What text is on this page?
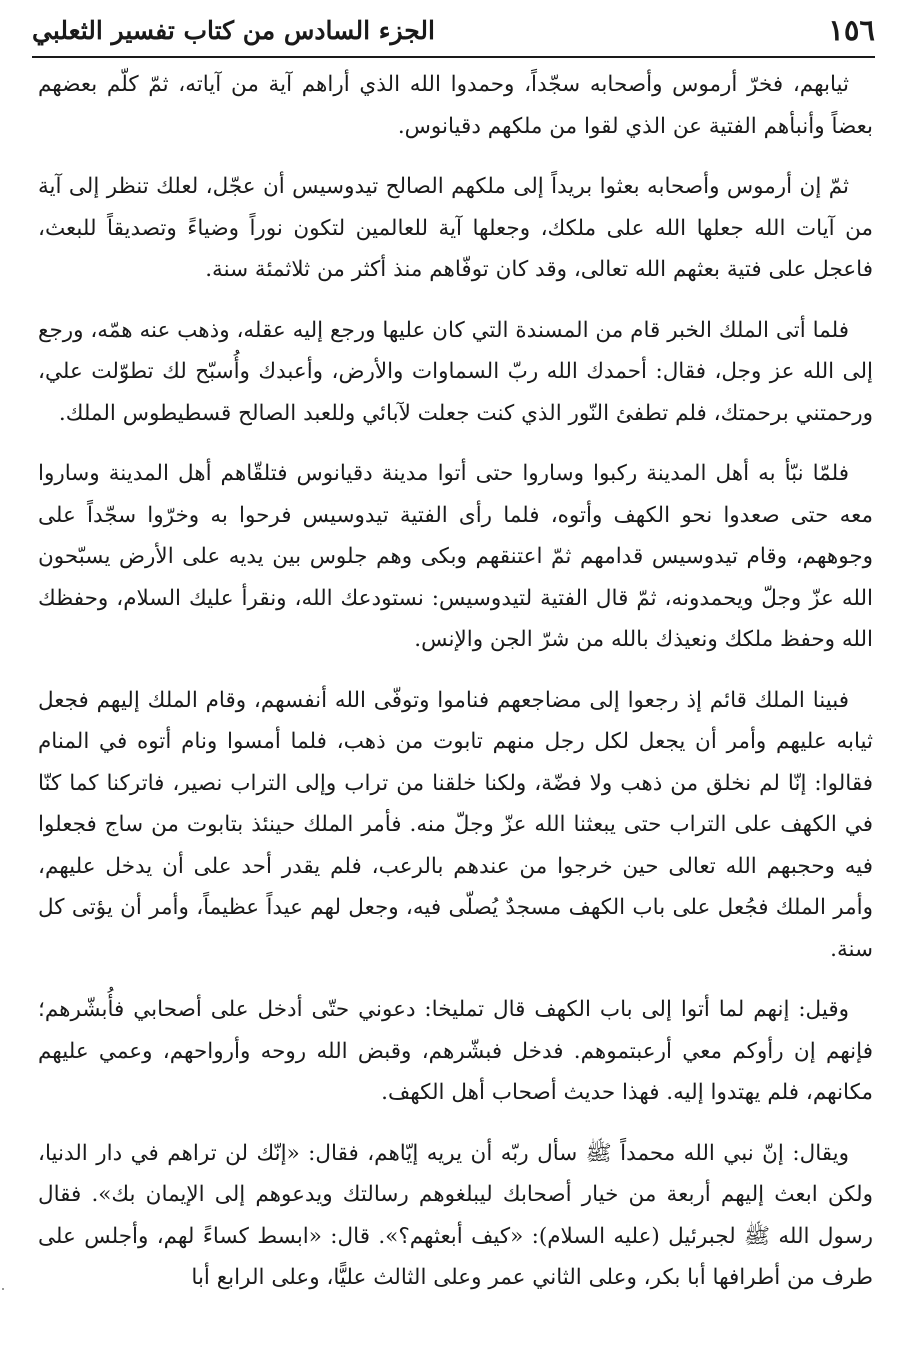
١٥٦
الجزء السادس من كتاب تفسير الثعلبي

ثيابهم، فخرّ أرموس وأصحابه سجّداً، وحمدوا الله الذي أراهم آية من آياته، ثمّ كلّم بعضهم بعضاً وأنبأهم الفتية عن الذي لقوا من ملكهم دقيانوس.

ثمّ إن أرموس وأصحابه بعثوا بريداً إلى ملكهم الصالح تيدوسيس أن عجّل، لعلك تنظر إلى آية من آيات الله جعلها الله على ملكك، وجعلها آية للعالمين لتكون نوراً وضياءً وتصديقاً للبعث، فاعجل على فتية بعثهم الله تعالى، وقد كان توفّاهم منذ أكثر من ثلاثمئة سنة.

فلما أتى الملك الخبر قام من المسندة التي كان عليها ورجع إليه عقله، وذهب عنه همّه، ورجع إلى الله عز وجل، فقال: أحمدك الله ربّ السماوات والأرض، وأعبدك وأُسبّح لك تطوّلت علي، ورحمتني برحمتك، فلم تطفئ النّور الذي كنت جعلت لآبائي وللعبد الصالح قسطيطوس الملك.

فلمّا نبّأ به أهل المدينة ركبوا وساروا حتى أتوا مدينة دقيانوس فتلقّاهم أهل المدينة وساروا معه حتى صعدوا نحو الكهف وأتوه، فلما رأى الفتية تيدوسيس فرحوا به وخرّوا سجّداً على وجوههم، وقام تيدوسيس قدامهم ثمّ اعتنقهم وبكى وهم جلوس بين يديه على الأرض يسبّحون الله عزّ وجلّ ويحمدونه، ثمّ قال الفتية لتيدوسيس: نستودعك الله، ونقرأ عليك السلام، وحفظك الله وحفظ ملكك ونعيذك بالله من شرّ الجن والإنس.

فبينا الملك قائم إذ رجعوا إلى مضاجعهم فناموا وتوفّى الله أنفسهم، وقام الملك إليهم فجعل ثيابه عليهم وأمر أن يجعل لكل رجل منهم تابوت من ذهب، فلما أمسوا ونام أتوه في المنام فقالوا: إنّا لم نخلق من ذهب ولا فضّة، ولكنا خلقنا من تراب وإلى التراب نصير، فاتركنا كما كنّا في الكهف على التراب حتى يبعثنا الله عزّ وجلّ منه. فأمر الملك حينئذ بتابوت من ساج فجعلوا فيه وحجبهم الله تعالى حين خرجوا من عندهم بالرعب، فلم يقدر أحد على أن يدخل عليهم، وأمر الملك فجُعل على باب الكهف مسجدٌ يُصلّى فيه، وجعل لهم عيداً عظيماً، وأمر أن يؤتى كل سنة.

وقيل: إنهم لما أتوا إلى باب الكهف قال تمليخا: دعوني حتّى أدخل على أصحابي فأُبشّرهم؛ فإنهم إن رأوكم معي أرعبتموهم. فدخل فبشّرهم، وقبض الله روحه وأرواحهم، وعمي عليهم مكانهم، فلم يهتدوا إليه. فهذا حديث أصحاب أهل الكهف.

ويقال: إنّ نبي الله محمداً ﷺ سأل ربّه أن يريه إيّاهم، فقال: «إنّك لن تراهم في دار الدنيا، ولكن ابعث إليهم أربعة من خيار أصحابك ليبلغوهم رسالتك ويدعوهم إلى الإيمان بك». فقال رسول الله ﷺ لجبرئيل (عليه السلام): «كيف أبعثهم؟». قال: «ابسط كساءً لهم، وأجلس على طرف من أطرافها أبا بكر، وعلى الثاني عمر وعلى الثالث عليًّا، وعلى الرابع أبا
